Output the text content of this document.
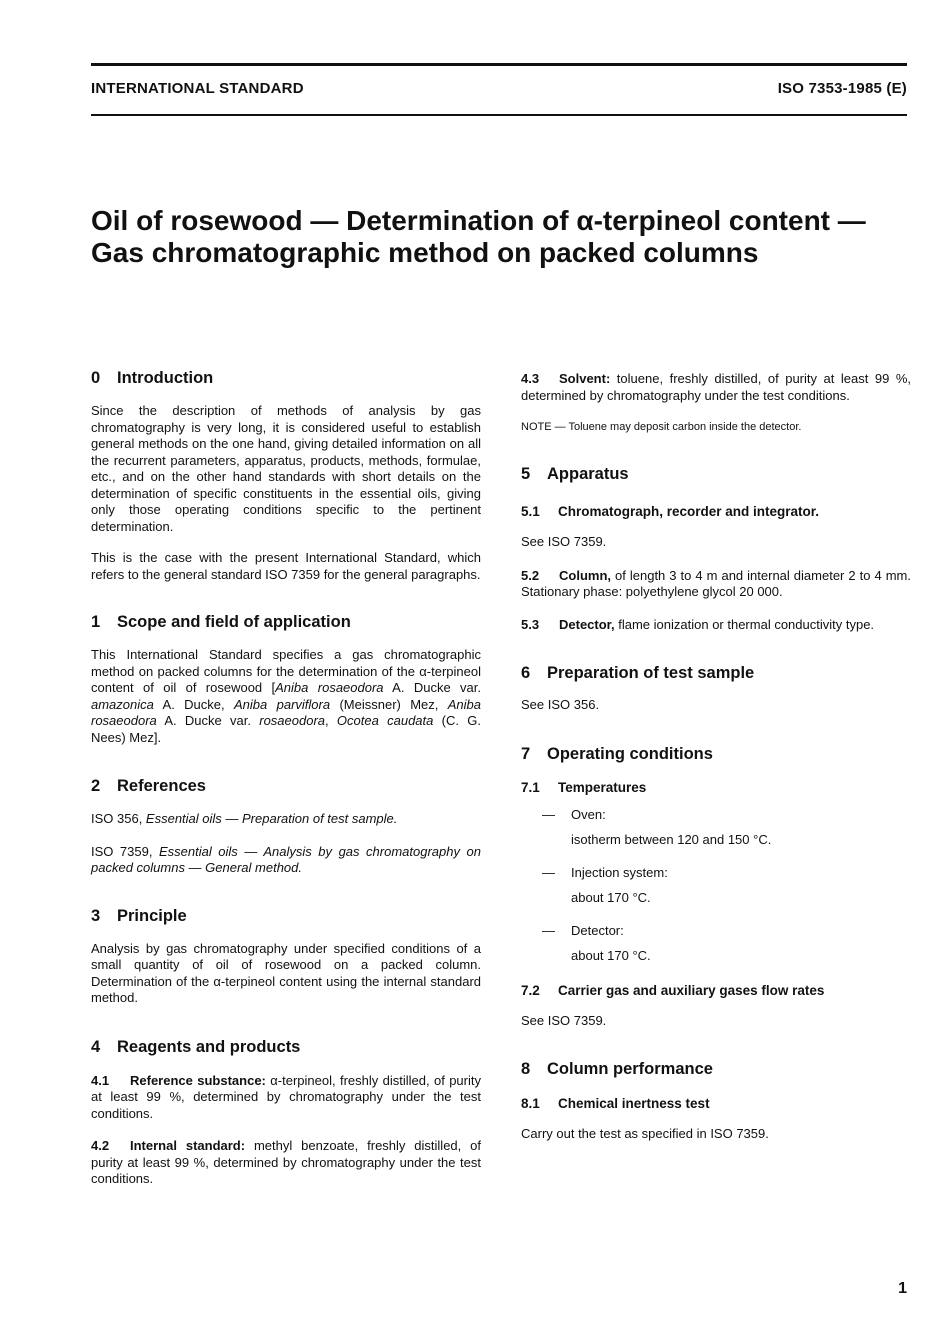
INTERNATIONAL STANDARD	ISO 7353-1985 (E)
Oil of rosewood — Determination of α-terpineol content — Gas chromatographic method on packed columns
0 Introduction

Since the description of methods of analysis by gas chromatography is very long, it is considered useful to establish general methods on the one hand, giving detailed information on all the recurrent parameters, apparatus, products, methods, formulae, etc., and on the other hand standards with short details on the determination of specific constituents in the essential oils, giving only those operating conditions specific to the pertinent determination.

This is the case with the present International Standard, which refers to the general standard ISO 7359 for the general paragraphs.

1 Scope and field of application

This International Standard specifies a gas chromatographic method on packed columns for the determination of the α-terpineol content of oil of rosewood [Aniba rosaeodora A. Ducke var. amazonica A. Ducke, Aniba parviflora (Meissner) Mez, Aniba rosaeodora A. Ducke var. rosaeodora, Ocotea caudata (C. G. Nees) Mez].

2 References

ISO 356, Essential oils — Preparation of test sample.

ISO 7359, Essential oils — Analysis by gas chromatography on packed columns — General method.

3 Principle

Analysis by gas chromatography under specified conditions of a small quantity of oil of rosewood on a packed column. Determination of the α-terpineol content using the internal standard method.

4 Reagents and products

4.1 Reference substance: α-terpineol, freshly distilled, of purity at least 99 %, determined by chromatography under the test conditions.

4.2 Internal standard: methyl benzoate, freshly distilled, of purity at least 99 %, determined by chromatography under the test conditions.

4.3 Solvent: toluene, freshly distilled, of purity at least 99 %, determined by chromatography under the test conditions.

NOTE — Toluene may deposit carbon inside the detector.

5 Apparatus
5.1 Chromatograph, recorder and integrator.

See ISO 7359.

5.2 Column, of length 3 to 4 m and internal diameter 2 to 4 mm. Stationary phase: polyethylene glycol 20 000.

5.3 Detector, flame ionization or thermal conductivity type.

6 Preparation of test sample

See ISO 356.

7 Operating conditions
7.1 Temperatures

— Oven:

isotherm between 120 and 150 °C.

— Injection system:

about 170 °C.

— Detector:

about 170 °C.

7.2 Carrier gas and auxiliary gases flow rates

See ISO 7359.

8 Column performance
8.1 Chemical inertness test

Carry out the test as specified in ISO 7359.

1
